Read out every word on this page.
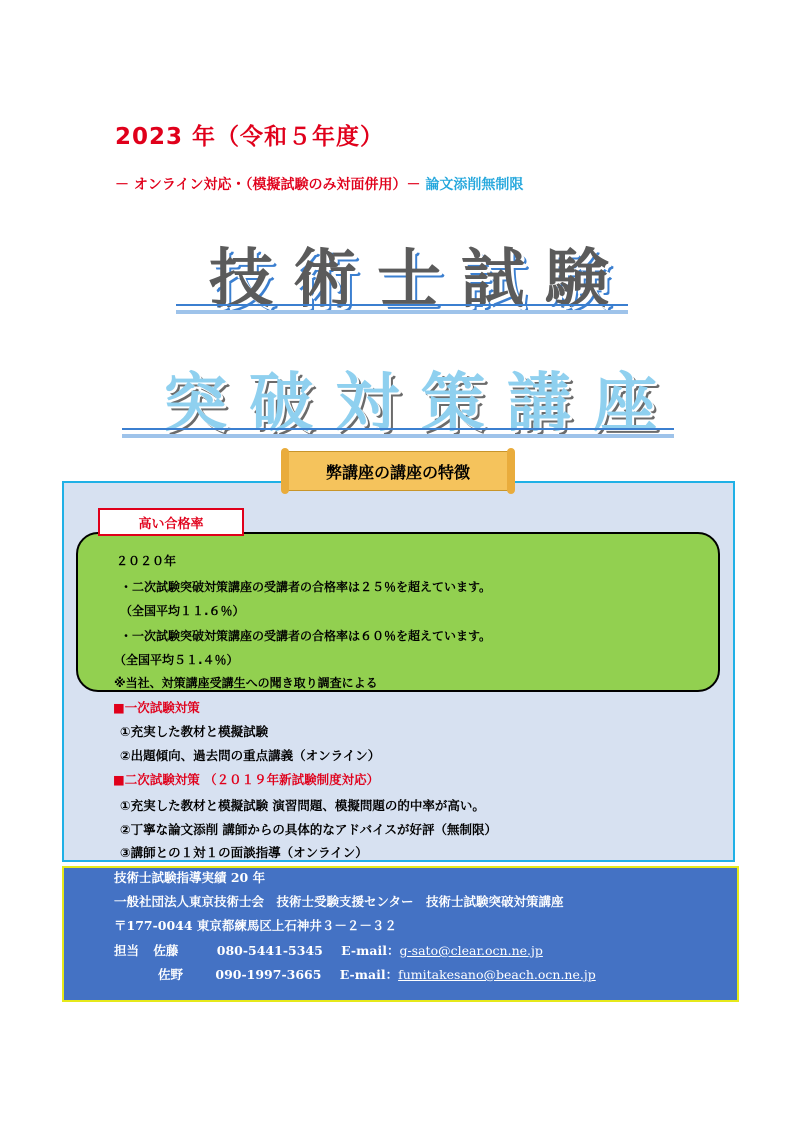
2023 年（令和５年度）
－ オンライン対応・（模擬試験のみ対面併用）－ 論文添削無制限
技術士試験
突破対策講座
弊講座の講座の特徴
高い合格率
２０２０年
・二次試験突破対策講座の受講者の合格率は２５％を超えています。
（全国平均１１.６％）
・一次試験突破対策講座の受講者の合格率は６０％を超えています。
（全国平均５１.４％）
※当社、対策講座受講生への聞き取り調査による
■一次試験対策
①充実した教材と模擬試験
②出題傾向、過去問の重点講義（オンライン）
■二次試験対策 （２０１９年新試験制度対応）
①充実した教材と模擬試験 演習問題、模擬問題の的中率が高い。
②丁寧な論文添削 講師からの具体的なアドバイスが好評（無制限）
③講師との１対１の面談指導（オンライン）
技術士試験指導実績 20 年
一般社団法人東京技術士会　技術士受験支援センター　技術士試験突破対策講座
〒177-0044 東京都練馬区上石神井３－２－３２
担当 佐藤	080-5441-5345 E-mail：g-sato@clear.ocn.ne.jp
佐野	090-1997-3665 E-mail：fumitakesano@beach.ocn.ne.jp
